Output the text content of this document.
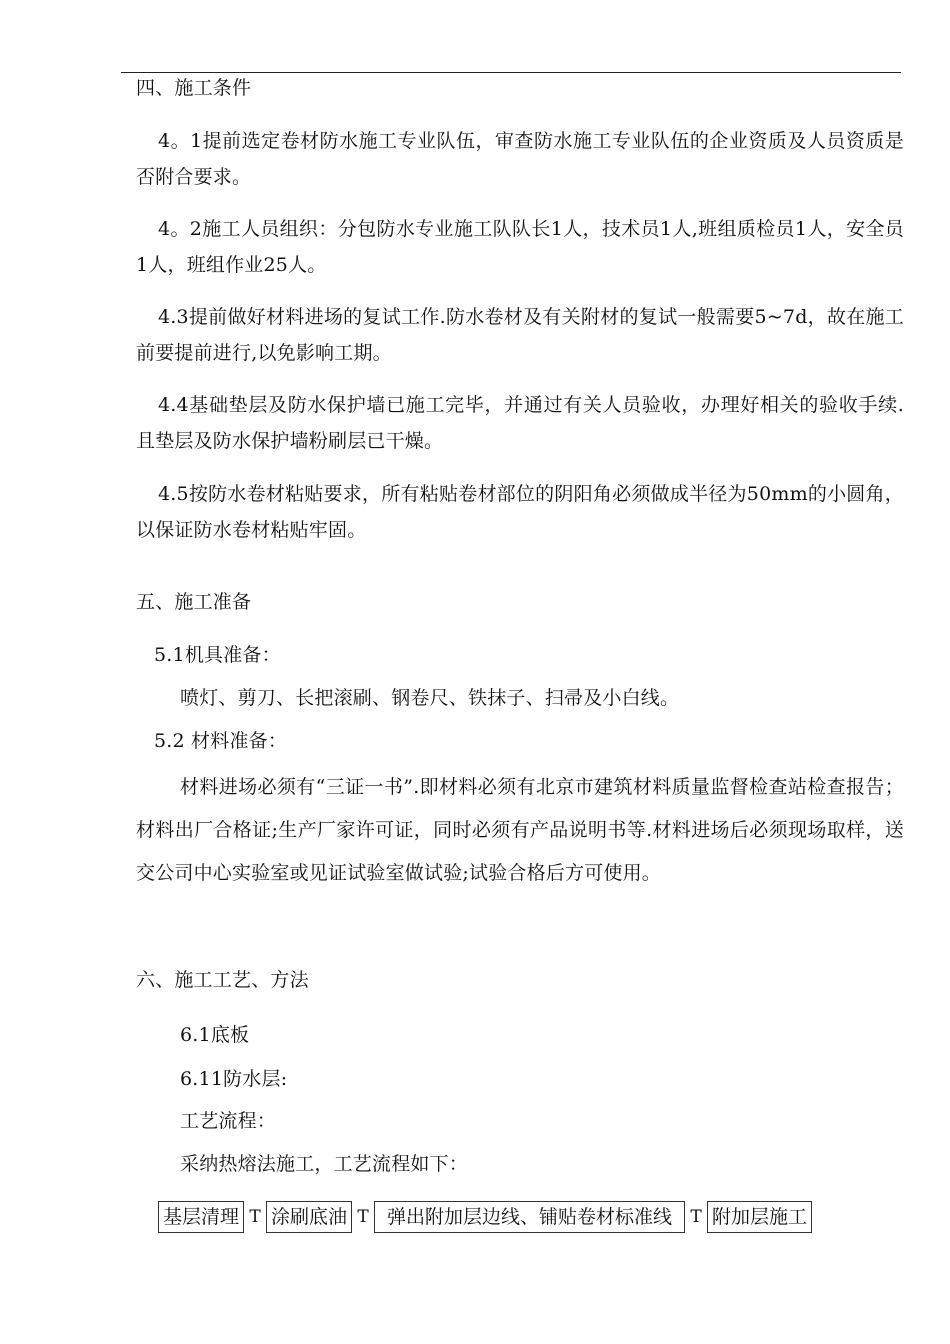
四、施工条件
4。1提前选定卷材防水施工专业队伍，审查防水施工专业队伍的企业资质及人员资质是否附合要求。
4。2施工人员组织：分包防水专业施工队队长1人，技术员1人,班组质检员1人，安全员1人，班组作业25人。
4.3提前做好材料进场的复试工作.防水卷材及有关附材的复试一般需要5~7d，故在施工前要提前进行,以免影响工期。
4.4基础垫层及防水保护墙已施工完毕，并通过有关人员验收，办理好相关的验收手续.且垫层及防水保护墙粉刷层已干燥。
4.5按防水卷材粘贴要求，所有粘贴卷材部位的阴阳角必须做成半径为50mm的小圆角，以保证防水卷材粘贴牢固。
五、施工准备
5.1机具准备：
喷灯、剪刀、长把滚刷、钢卷尺、铁抹子、扫帚及小白线。
5.2 材料准备：
材料进场必须有“三证一书”.即材料必须有北京市建筑材料质量监督检查站检查报告；材料出厂合格证;生产厂家许可证，同时必须有产品说明书等.材料进场后必须现场取样，送交公司中心实验室或见证试验室做试验;试验合格后方可使用。
六、施工工艺、方法
6.1底板
6.11防水层:
工艺流程：
采纳热熔法施工，工艺流程如下：
基层清理 T 涂刷底油 T 弹出附加层边线、铺贴卷材标准线	T 附加层施工
